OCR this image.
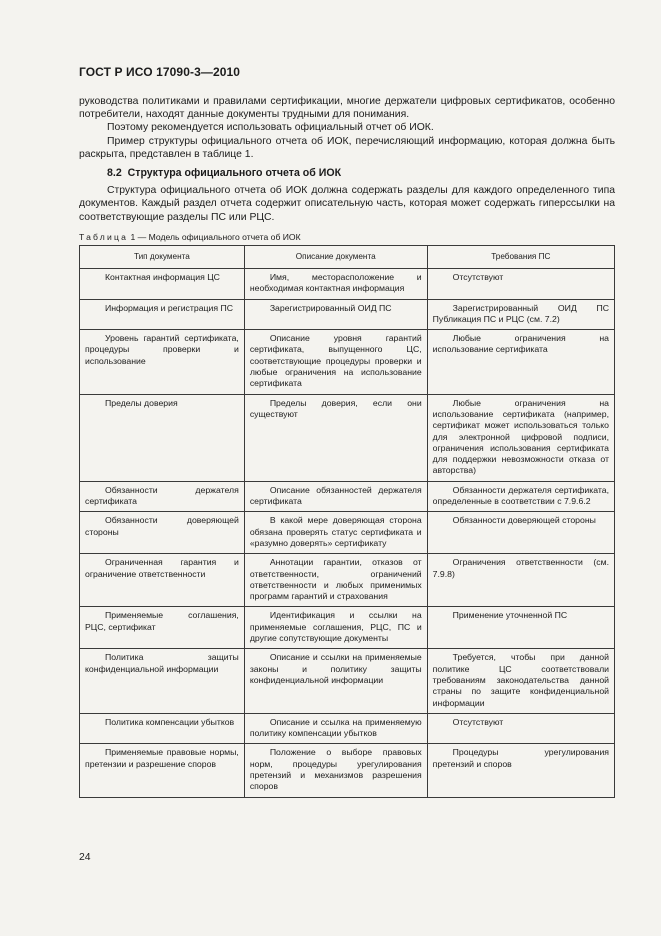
ГОСТ Р ИСО 17090-3—2010

руководства политиками и правилами сертификации, многие держатели цифровых сертификатов, особенно потребители, находят данные документы трудными для понимания.

Поэтому рекомендуется использовать официальный отчет об ИОК.

Пример структуры официального отчета об ИОК, перечисляющий информацию, которая должна быть раскрыта, представлен в таблице 1.

8.2 Структура официального отчета об ИОК

Структура официального отчета об ИОК должна содержать разделы для каждого определенного типа документов. Каждый раздел отчета содержит описательную часть, которая может содержать гиперссылки на соответствующие разделы ПС или РЦС.

Таблица 1 — Модель официального отчета об ИОК
Тип документа	Описание документа	Требования ПС

Контактная информация ЦС	Имя, месторасположение и необходимая контактная информация	Отсутствуют

Информация и регистрация ПС	Зарегистрированный ОИД ПС	Зарегистрированный ОИД ПС Публикация ПС и РЦС (см. 7.2)

Уровень гарантий сертификата, процедуры проверки и использование	Описание уровня гарантий сертификата, выпущенного ЦС, соответствующие процедуры проверки и любые ограничения на использование сертификата	Любые ограничения на использование сертификата

Пределы доверия	Пределы доверия, если они существуют	Любые ограничения на использование сертификата (например, сертификат может использоваться только для электронной цифровой подписи, ограничения использования сертификата для поддержки невозможности отказа от авторства)

Обязанности держателя сертификата	Описание обязанностей держателя сертификата	Обязанности держателя сертификата, определенные в соответствии с 7.9.6.2

Обязанности доверяющей стороны	В какой мере доверяющая сторона обязана проверять статус сертификата и «разумно доверять» сертификату	Обязанности доверяющей стороны

Ограниченная гарантия и ограничение ответственности	Аннотации гарантии, отказов от ответственности, ограничений ответственности и любых применимых программ гарантий и страхования	Ограничения ответственности (см. 7.9.8)

Применяемые соглашения, РЦС, сертификат	Идентификация и ссылки на применяемые соглашения, РЦС, ПС и другие сопутствующие документы	Применение уточненной ПС

Политика защиты конфиденциальной информации	Описание и ссылки на применяемые законы и политику защиты конфиденциальной информации	Требуется, чтобы при данной политике ЦС соответствовали требованиям законодательства данной страны по защите конфиденциальной информации

Политика компенсации убытков	Описание и ссылка на применяемую политику компенсации убытков	Отсутствуют

Применяемые правовые нормы, претензии и разрешение споров	Положение о выборе правовых норм, процедуры урегулирования претензий и механизмов разрешения споров	Процедуры урегулирования претензий и споров
24
